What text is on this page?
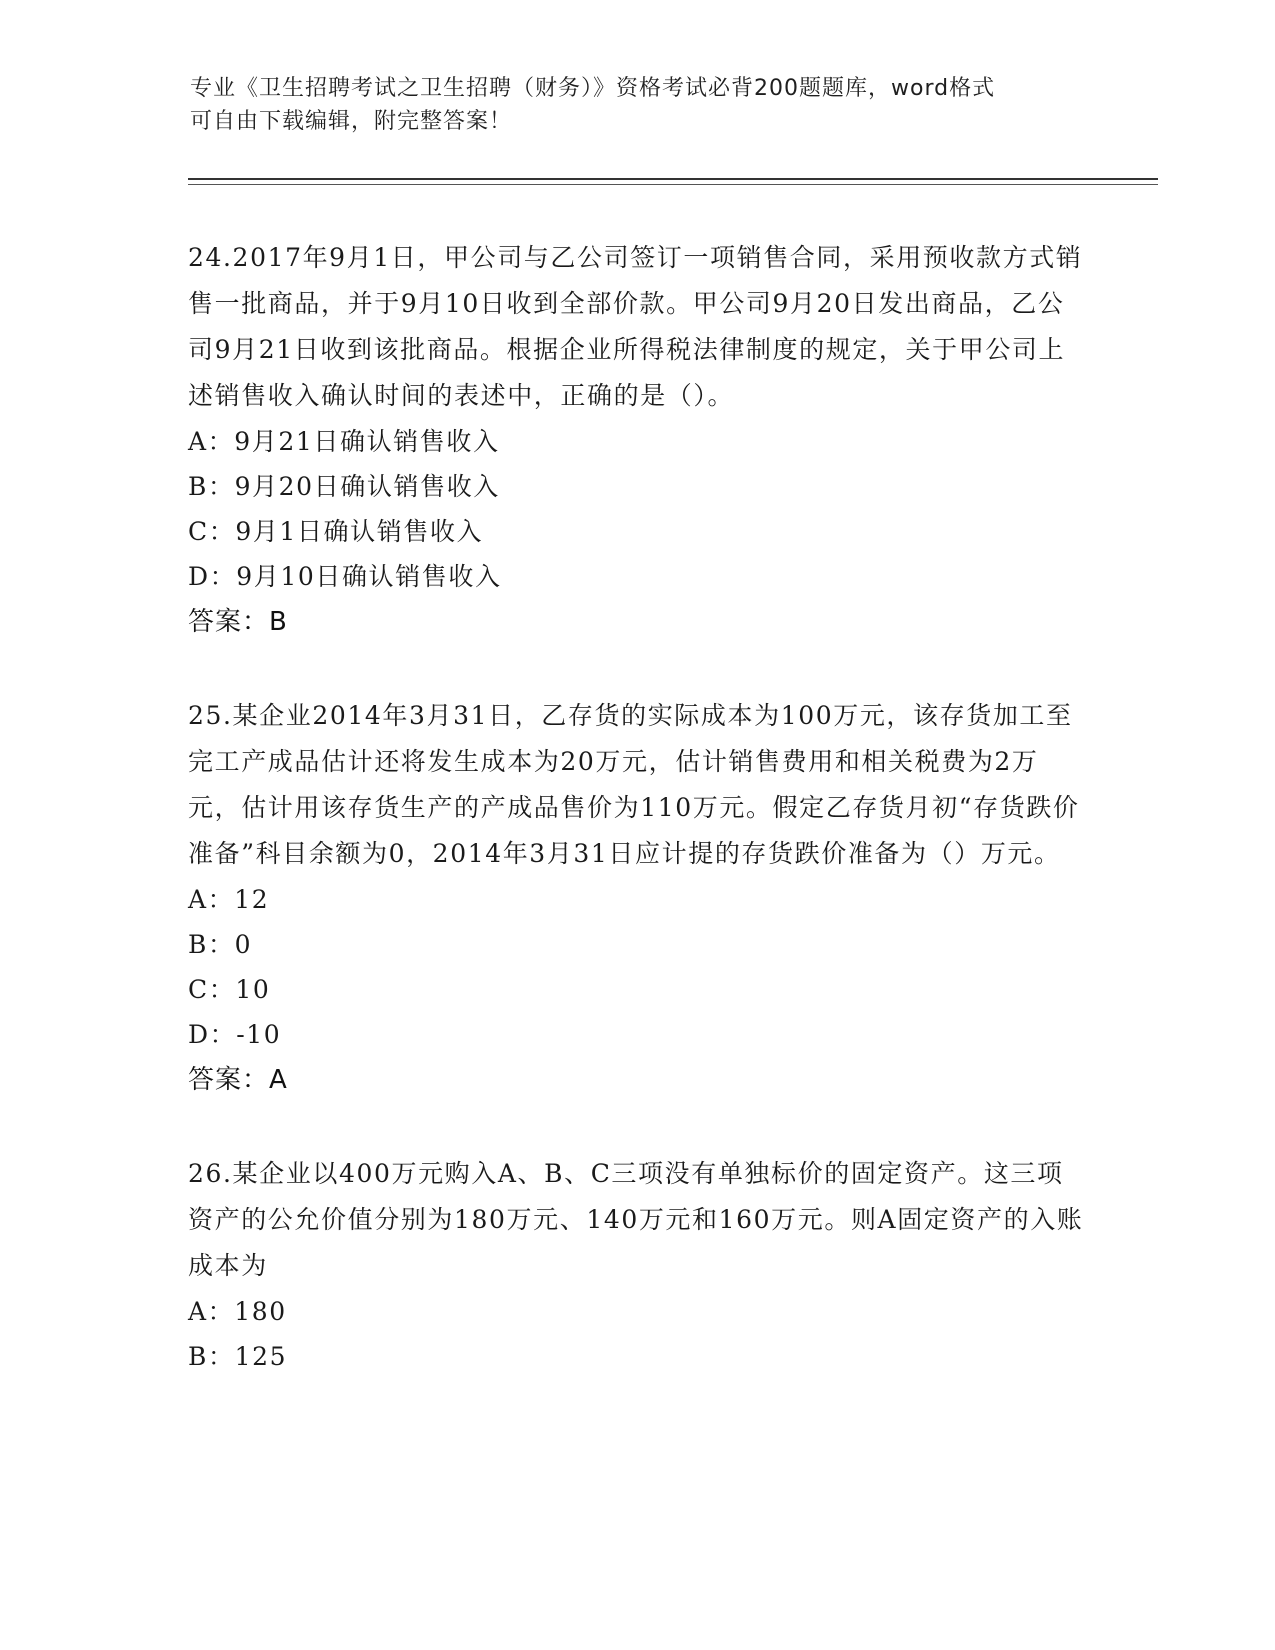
专业《卫生招聘考试之卫生招聘（财务）》资格考试必背200题题库，word格式
可自由下载编辑，附完整答案！

24.2017年9月1日，甲公司与乙公司签订一项销售合同，采用预收款方式销售一批商品，并于9月10日收到全部价款。甲公司9月20日发出商品，乙公司9月21日收到该批商品。根据企业所得税法律制度的规定，关于甲公司上述销售收入确认时间的表述中，正确的是（）。

A：9月21日确认销售收入
B：9月20日确认销售收入
C：9月1日确认销售收入
D：9月10日确认销售收入
答案：B

25.某企业2014年3月31日，乙存货的实际成本为100万元，该存货加工至完工产成品估计还将发生成本为20万元，估计销售费用和相关税费为2万元，估计用该存货生产的产成品售价为110万元。假定乙存货月初“存货跌价准备”科目余额为0，2014年3月31日应计提的存货跌价准备为（）万元。

A：12
B：0
C：10
D：-10
答案：A

26.某企业以400万元购入A、B、C三项没有单独标价的固定资产。这三项资产的公允价值分别为180万元、140万元和160万元。则A固定资产的入账成本为

A：180
B：125
